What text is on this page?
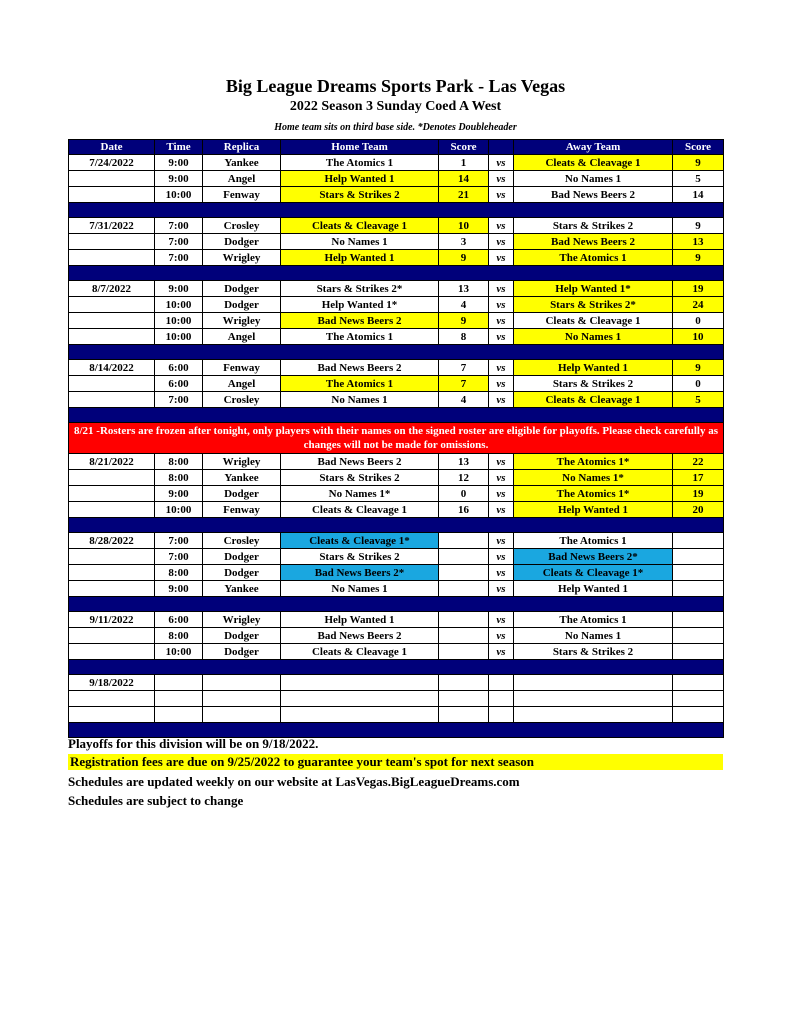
Big League Dreams Sports Park - Las Vegas
2022 Season 3 Sunday Coed A West
Home team sits on third base side. *Denotes Doubleheader
Date	Time	Replica	Home Team	Score		Away Team	Score
7/24/2022	9:00	Yankee	The Atomics 1	1	vs	Cleats & Cleavage 1	9
	9:00	Angel	Help Wanted 1	14	vs	No Names 1	5
	10:00	Fenway	Stars & Strikes 2	21	vs	Bad News Beers 2	14

7/31/2022	7:00	Crosley	Cleats & Cleavage 1	10	vs	Stars & Strikes 2	9
	7:00	Dodger	No Names 1	3	vs	Bad News Beers 2	13
	7:00	Wrigley	Help Wanted 1	9	vs	The Atomics 1	9

8/7/2022	9:00	Dodger	Stars & Strikes 2*	13	vs	Help Wanted 1*	19
	10:00	Dodger	Help Wanted 1*	4	vs	Stars & Strikes 2*	24
	10:00	Wrigley	Bad News Beers 2	9	vs	Cleats & Cleavage 1	0
	10:00	Angel	The Atomics 1	8	vs	No Names 1	10

8/14/2022	6:00	Fenway	Bad News Beers 2	7	vs	Help Wanted 1	9
	6:00	Angel	The Atomics 1	7	vs	Stars & Strikes 2	0
	7:00	Crosley	No Names 1	4	vs	Cleats & Cleavage 1	5

8/21 -Rosters are frozen after tonight, only players with their names on the signed roster are eligible for playoffs. Please check carefully as changes will not be made for omissions.							
8/21/2022	8:00	Wrigley	Bad News Beers 2	13	vs	The Atomics 1*	22
	8:00	Yankee	Stars & Strikes 2	12	vs	No Names 1*	17
	9:00	Dodger	No Names 1*	0	vs	The Atomics 1*	19
	10:00	Fenway	Cleats & Cleavage 1	16	vs	Help Wanted 1	20

8/28/2022	7:00	Crosley	Cleats & Cleavage 1*		vs	The Atomics 1	
	7:00	Dodger	Stars & Strikes 2		vs	Bad News Beers 2*	
	8:00	Dodger	Bad News Beers 2*		vs	Cleats & Cleavage 1*	
	9:00	Yankee	No Names 1		vs	Help Wanted 1	

9/11/2022	6:00	Wrigley	Help Wanted 1		vs	The Atomics 1	
	8:00	Dodger	Bad News Beers 2		vs	No Names 1	
	10:00	Dodger	Cleats & Cleavage 1		vs	Stars & Strikes 2	

9/18/2022							

Playoffs for this division will be on 9/18/2022.
Registration fees are due on 9/25/2022 to guarantee your team's spot for next season
Schedules are updated weekly on our website at LasVegas.BigLeagueDreams.com
Schedules are subject to change
